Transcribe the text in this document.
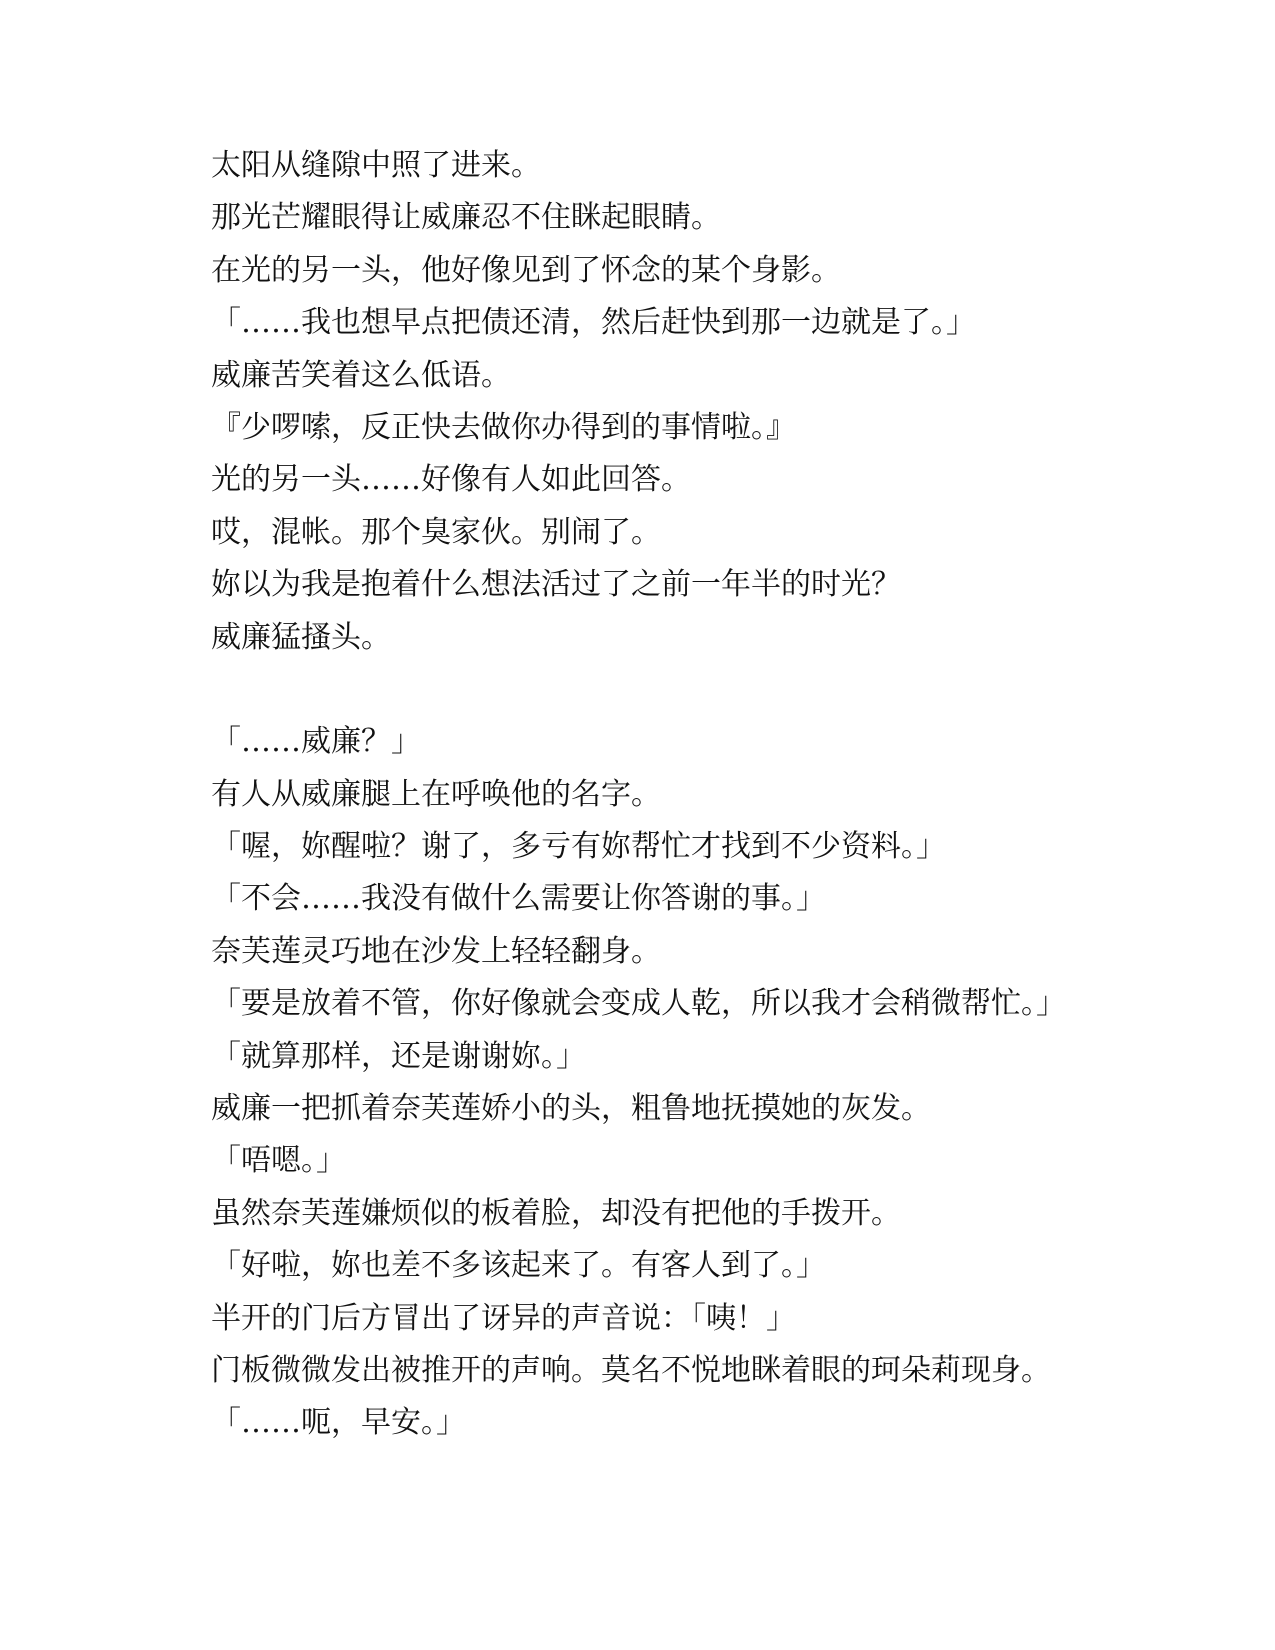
太阳从缝隙中照了进来。

那光芒耀眼得让威廉忍不住眯起眼睛。

在光的另一头，他好像见到了怀念的某个身影。

「……我也想早点把债还清，然后赶快到那一边就是了。」

威廉苦笑着这么低语。

『少啰嗦，反正快去做你办得到的事情啦。』

光的另一头……好像有人如此回答。

哎，混帐。那个臭家伙。别闹了。

妳以为我是抱着什么想法活过了之前一年半的时光？

威廉猛搔头。

「……威廉？」

有人从威廉腿上在呼唤他的名字。

「喔，妳醒啦？谢了，多亏有妳帮忙才找到不少资料。」

「不会……我没有做什么需要让你答谢的事。」

奈芙莲灵巧地在沙发上轻轻翻身。

「要是放着不管，你好像就会变成人乾，所以我才会稍微帮忙。」

「就算那样，还是谢谢妳。」

威廉一把抓着奈芙莲娇小的头，粗鲁地抚摸她的灰发。

「唔嗯。」

虽然奈芙莲嫌烦似的板着脸，却没有把他的手拨开。

「好啦，妳也差不多该起来了。有客人到了。」

半开的门后方冒出了讶异的声音说：「咦！」

门板微微发出被推开的声响。莫名不悦地眯着眼的珂朵莉现身。

「……呃，早安。」
